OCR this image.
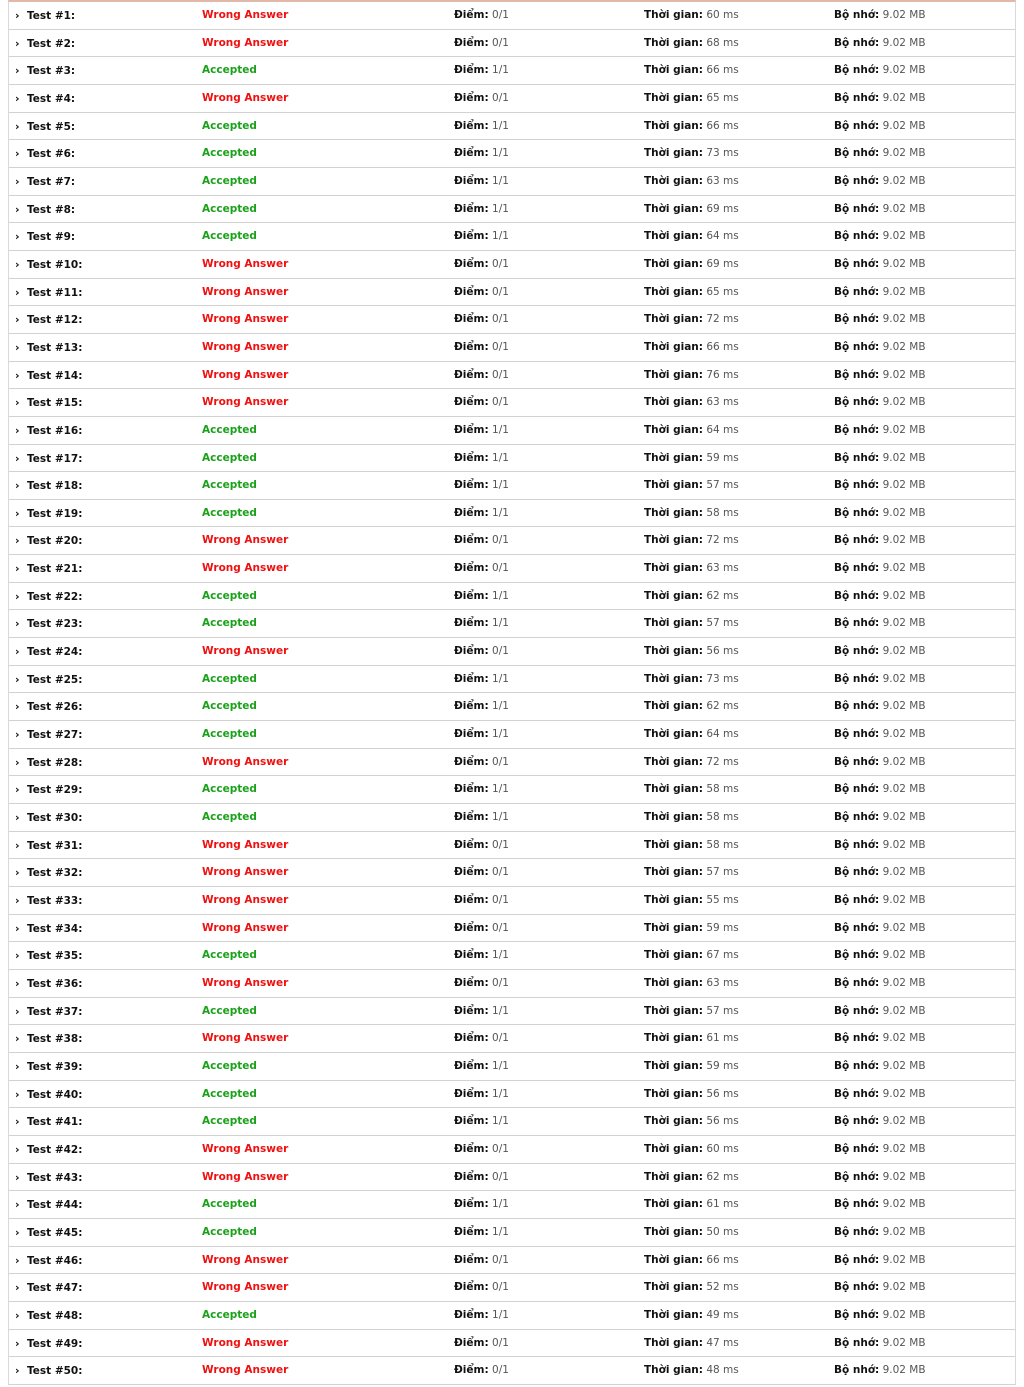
› Test #1:	Wrong Answer	Điểm: 0/1	Thời gian: 60 ms	Bộ nhớ: 9.02 MB
› Test #2:	Wrong Answer	Điểm: 0/1	Thời gian: 68 ms	Bộ nhớ: 9.02 MB
› Test #3:	Accepted	Điểm: 1/1	Thời gian: 66 ms	Bộ nhớ: 9.02 MB
› Test #4:	Wrong Answer	Điểm: 0/1	Thời gian: 65 ms	Bộ nhớ: 9.02 MB
› Test #5:	Accepted	Điểm: 1/1	Thời gian: 66 ms	Bộ nhớ: 9.02 MB
› Test #6:	Accepted	Điểm: 1/1	Thời gian: 73 ms	Bộ nhớ: 9.02 MB
› Test #7:	Accepted	Điểm: 1/1	Thời gian: 63 ms	Bộ nhớ: 9.02 MB
› Test #8:	Accepted	Điểm: 1/1	Thời gian: 69 ms	Bộ nhớ: 9.02 MB
› Test #9:	Accepted	Điểm: 1/1	Thời gian: 64 ms	Bộ nhớ: 9.02 MB
› Test #10:	Wrong Answer	Điểm: 0/1	Thời gian: 69 ms	Bộ nhớ: 9.02 MB
› Test #11:	Wrong Answer	Điểm: 0/1	Thời gian: 65 ms	Bộ nhớ: 9.02 MB
› Test #12:	Wrong Answer	Điểm: 0/1	Thời gian: 72 ms	Bộ nhớ: 9.02 MB
› Test #13:	Wrong Answer	Điểm: 0/1	Thời gian: 66 ms	Bộ nhớ: 9.02 MB
› Test #14:	Wrong Answer	Điểm: 0/1	Thời gian: 76 ms	Bộ nhớ: 9.02 MB
› Test #15:	Wrong Answer	Điểm: 0/1	Thời gian: 63 ms	Bộ nhớ: 9.02 MB
› Test #16:	Accepted	Điểm: 1/1	Thời gian: 64 ms	Bộ nhớ: 9.02 MB
› Test #17:	Accepted	Điểm: 1/1	Thời gian: 59 ms	Bộ nhớ: 9.02 MB
› Test #18:	Accepted	Điểm: 1/1	Thời gian: 57 ms	Bộ nhớ: 9.02 MB
› Test #19:	Accepted	Điểm: 1/1	Thời gian: 58 ms	Bộ nhớ: 9.02 MB
› Test #20:	Wrong Answer	Điểm: 0/1	Thời gian: 72 ms	Bộ nhớ: 9.02 MB
› Test #21:	Wrong Answer	Điểm: 0/1	Thời gian: 63 ms	Bộ nhớ: 9.02 MB
› Test #22:	Accepted	Điểm: 1/1	Thời gian: 62 ms	Bộ nhớ: 9.02 MB
› Test #23:	Accepted	Điểm: 1/1	Thời gian: 57 ms	Bộ nhớ: 9.02 MB
› Test #24:	Wrong Answer	Điểm: 0/1	Thời gian: 56 ms	Bộ nhớ: 9.02 MB
› Test #25:	Accepted	Điểm: 1/1	Thời gian: 73 ms	Bộ nhớ: 9.02 MB
› Test #26:	Accepted	Điểm: 1/1	Thời gian: 62 ms	Bộ nhớ: 9.02 MB
› Test #27:	Accepted	Điểm: 1/1	Thời gian: 64 ms	Bộ nhớ: 9.02 MB
› Test #28:	Wrong Answer	Điểm: 0/1	Thời gian: 72 ms	Bộ nhớ: 9.02 MB
› Test #29:	Accepted	Điểm: 1/1	Thời gian: 58 ms	Bộ nhớ: 9.02 MB
› Test #30:	Accepted	Điểm: 1/1	Thời gian: 58 ms	Bộ nhớ: 9.02 MB
› Test #31:	Wrong Answer	Điểm: 0/1	Thời gian: 58 ms	Bộ nhớ: 9.02 MB
› Test #32:	Wrong Answer	Điểm: 0/1	Thời gian: 57 ms	Bộ nhớ: 9.02 MB
› Test #33:	Wrong Answer	Điểm: 0/1	Thời gian: 55 ms	Bộ nhớ: 9.02 MB
› Test #34:	Wrong Answer	Điểm: 0/1	Thời gian: 59 ms	Bộ nhớ: 9.02 MB
› Test #35:	Accepted	Điểm: 1/1	Thời gian: 67 ms	Bộ nhớ: 9.02 MB
› Test #36:	Wrong Answer	Điểm: 0/1	Thời gian: 63 ms	Bộ nhớ: 9.02 MB
› Test #37:	Accepted	Điểm: 1/1	Thời gian: 57 ms	Bộ nhớ: 9.02 MB
› Test #38:	Wrong Answer	Điểm: 0/1	Thời gian: 61 ms	Bộ nhớ: 9.02 MB
› Test #39:	Accepted	Điểm: 1/1	Thời gian: 59 ms	Bộ nhớ: 9.02 MB
› Test #40:	Accepted	Điểm: 1/1	Thời gian: 56 ms	Bộ nhớ: 9.02 MB
› Test #41:	Accepted	Điểm: 1/1	Thời gian: 56 ms	Bộ nhớ: 9.02 MB
› Test #42:	Wrong Answer	Điểm: 0/1	Thời gian: 60 ms	Bộ nhớ: 9.02 MB
› Test #43:	Wrong Answer	Điểm: 0/1	Thời gian: 62 ms	Bộ nhớ: 9.02 MB
› Test #44:	Accepted	Điểm: 1/1	Thời gian: 61 ms	Bộ nhớ: 9.02 MB
› Test #45:	Accepted	Điểm: 1/1	Thời gian: 50 ms	Bộ nhớ: 9.02 MB
› Test #46:	Wrong Answer	Điểm: 0/1	Thời gian: 66 ms	Bộ nhớ: 9.02 MB
› Test #47:	Wrong Answer	Điểm: 0/1	Thời gian: 52 ms	Bộ nhớ: 9.02 MB
› Test #48:	Accepted	Điểm: 1/1	Thời gian: 49 ms	Bộ nhớ: 9.02 MB
› Test #49:	Wrong Answer	Điểm: 0/1	Thời gian: 47 ms	Bộ nhớ: 9.02 MB
› Test #50:	Wrong Answer	Điểm: 0/1	Thời gian: 48 ms	Bộ nhớ: 9.02 MB
